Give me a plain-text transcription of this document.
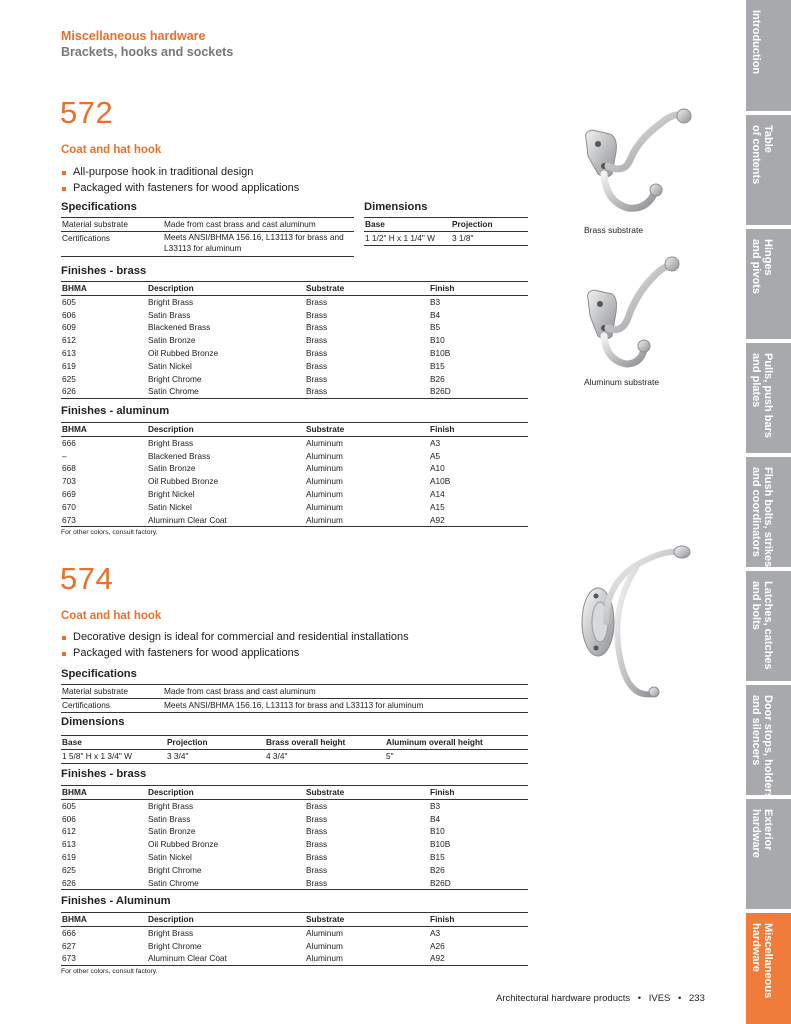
Miscellaneous hardware
Brackets, hooks and sockets
572
Coat and hat hook
All-purpose hook in traditional design
Packaged with fasteners for wood applications
Specifications
Material substrate	Made from cast brass and cast aluminum
Certifications	Meets ANSI/BHMA 156.16, L13113 for brass and L33113 for aluminum
Dimensions
Base	Projection
1 1/2" H x 1 1/4" W	3 1/8"
Finishes - brass
BHMA	Description	Substrate	Finish
605	Bright Brass	Brass	B3
606	Satin Brass	Brass	B4
609	Blackened Brass	Brass	B5
612	Satin Bronze	Brass	B10
613	Oil Rubbed Bronze	Brass	B10B
619	Satin Nickel	Brass	B15
625	Bright Chrome	Brass	B26
626	Satin Chrome	Brass	B26D
Finishes - aluminum
BHMA	Description	Substrate	Finish
666	Bright Brass	Aluminum	A3
–	Blackened Brass	Aluminum	A5
668	Satin Bronze	Aluminum	A10
703	Oil Rubbed Bronze	Aluminum	A10B
669	Bright Nickel	Aluminum	A14
670	Satin Nickel	Aluminum	A15
673	Aluminum Clear Coat	Aluminum	A92
For other colors, consult factory.
Brass substrate
Aluminum substrate
574
Coat and hat hook
Decorative design is ideal for commercial and residential installations
Packaged with fasteners for wood applications
Specifications
Material substrate	Made from cast brass and cast aluminum
Certifications	Meets ANSI/BHMA 156.16, L13113 for brass and L33113 for aluminum
Dimensions
Base	Projection	Brass overall height	Aluminum overall height
1 5/8" H x 1 3/4" W	3 3/4"	4 3/4"	5"
Finishes - brass
BHMA	Description	Substrate	Finish
605	Bright Brass	Brass	B3
606	Satin Brass	Brass	B4
612	Satin Bronze	Brass	B10
613	Oil Rubbed Bronze	Brass	B10B
619	Satin Nickel	Brass	B15
625	Bright Chrome	Brass	B26
626	Satin Chrome	Brass	B26D
Finishes - Aluminum
BHMA	Description	Substrate	Finish
666	Bright Brass	Aluminum	A3
627	Bright Chrome	Aluminum	A26
673	Aluminum Clear Coat	Aluminum	A92
For other colors, consult factory.
Architectural hardware products • IVES • 233
Introduction
Table
of contents
Hinges
and pivots
Pulls, push bars
and plates
Flush bolts, strikes
and coordinators
Latches, catches
and bolts
Door stops, holders
and silencers
Exterior
hardware
Miscellaneous
hardware
